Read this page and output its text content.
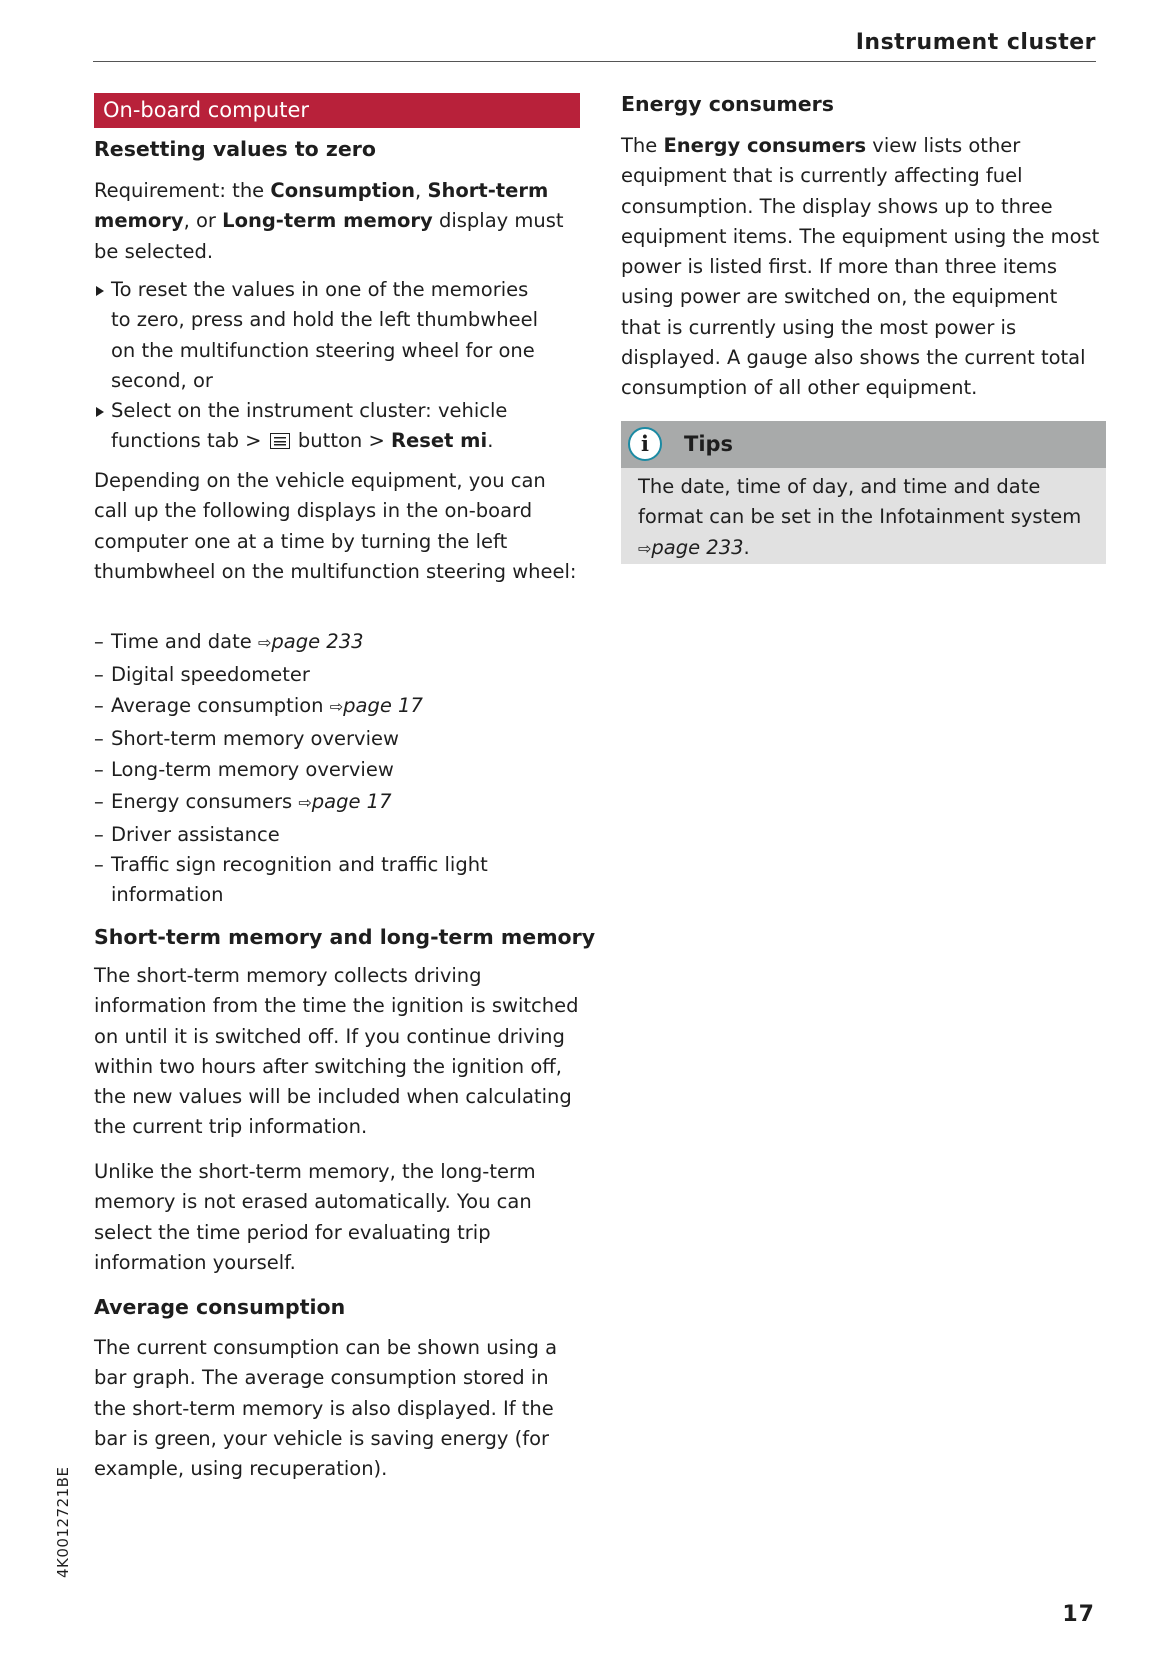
Instrument cluster
On-board computer
Resetting values to zero

Requirement: the Consumption, Short-term memory, or Long-term memory display must be selected.

To reset the values in one of the memories to zero, press and hold the left thumbwheel on the multifunction steering wheel for one second, or
Select on the instrument cluster: vehicle functions tab >  button > Reset mi.

Depending on the vehicle equipment, you can call up the following displays in the on-board computer one at a time by turning the left thumbwheel on the multifunction steering wheel:

– Time and date ⇨page 233
– Digital speedometer
– Average consumption ⇨page 17
– Short-term memory overview
– Long-term memory overview
– Energy consumers ⇨page 17
– Driver assistance
– Traffic sign recognition and traffic light information
Short-term memory and long-term memory

The short-term memory collects driving information from the time the ignition is switched on until it is switched off. If you continue driving within two hours after switching the ignition off, the new values will be included when calculating the current trip information.

Unlike the short-term memory, the long-term memory is not erased automatically. You can select the time period for evaluating trip information yourself.

Average consumption

The current consumption can be shown using a bar graph. The average consumption stored in the short-term memory is also displayed. If the bar is green, your vehicle is saving energy (for example, using recuperation).

Energy consumers

The Energy consumers view lists other equipment that is currently affecting fuel consumption. The display shows up to three equipment items. The equipment using the most power is listed first. If more than three items using power are switched on, the equipment that is currently using the most power is displayed. A gauge also shows the current total consumption of all other equipment.

i	Tips

The date, time of day, and time and date format can be set in the Infotainment system ⇨page 233.

4K0012721BE
17
